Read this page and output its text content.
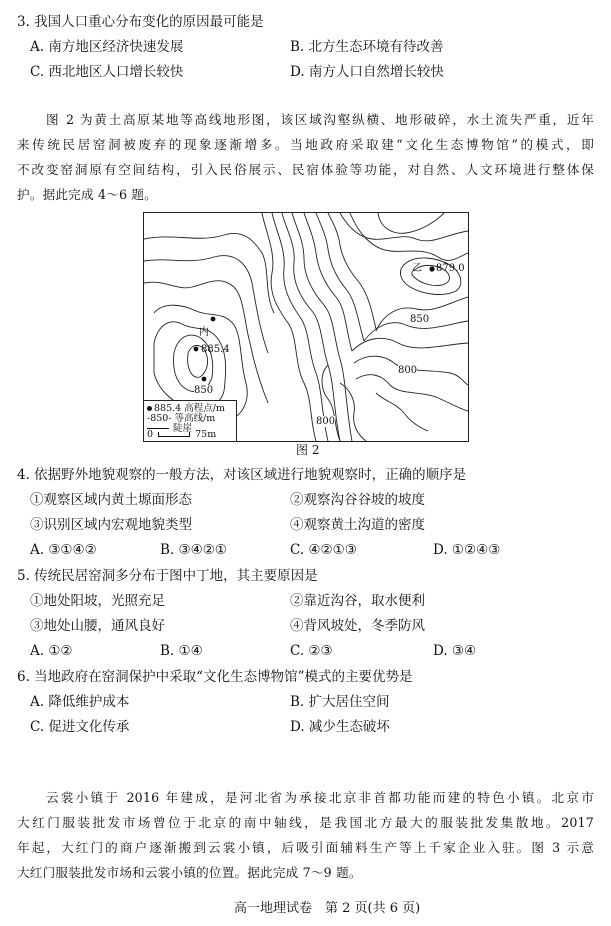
3. 我国人口重心分布变化的原因最可能是
A. 南方地区经济快速发展	B. 北方生态环境有待改善
C. 西北地区人口增长较快	D. 南方人口自然增长较快
图 2 为黄土高原某地等高线地形图，该区域沟壑纵横、地形破碎，水土流失严重，近年
来传统民居窑洞被废弃的现象逐渐增多。当地政府采取建“文化生态博物馆”的模式，即
不改变窑洞原有空间结构，引入民俗展示、民宿体验等功能，对自然、人文环境进行整体保
护。据此完成 4～6 题。
乙 879.0
850
内
885.4
850
800
800
885.4 高程点/m
-850- 等高线/m
陡崖
0	75m
图 2
4. 依据野外地貌观察的一般方法，对该区域进行地貌观察时，正确的顺序是
①观察区域内黄土塬面形态	②观察沟谷谷坡的坡度
③识别区域内宏观地貌类型	④观察黄土沟道的密度
A. ③①④②	B. ③④②①	C. ④②①③	D. ①②④③
5. 传统民居窑洞多分布于图中丁地，其主要原因是
①地处阳坡，光照充足	②靠近沟谷，取水便利
③地处山腰，通风良好	④背风坡处，冬季防风
A. ①②	B. ①④	C. ②③	D. ③④
6. 当地政府在窑洞保护中采取“文化生态博物馆”模式的主要优势是
A. 降低维护成本	B. 扩大居住空间
C. 促进文化传承	D. 减少生态破坏
云裳小镇于 2016 年建成，是河北省为承接北京非首都功能而建的特色小镇。北京市
大红门服装批发市场曾位于北京的南中轴线，是我国北方最大的服装批发集散地。2017
年起，大红门的商户逐渐搬到云裳小镇，后吸引面辅料生产等上千家企业入驻。图 3 示意
大红门服装批发市场和云裳小镇的位置。据此完成 7～9 题。
高一地理试卷　第 2 页(共 6 页)
